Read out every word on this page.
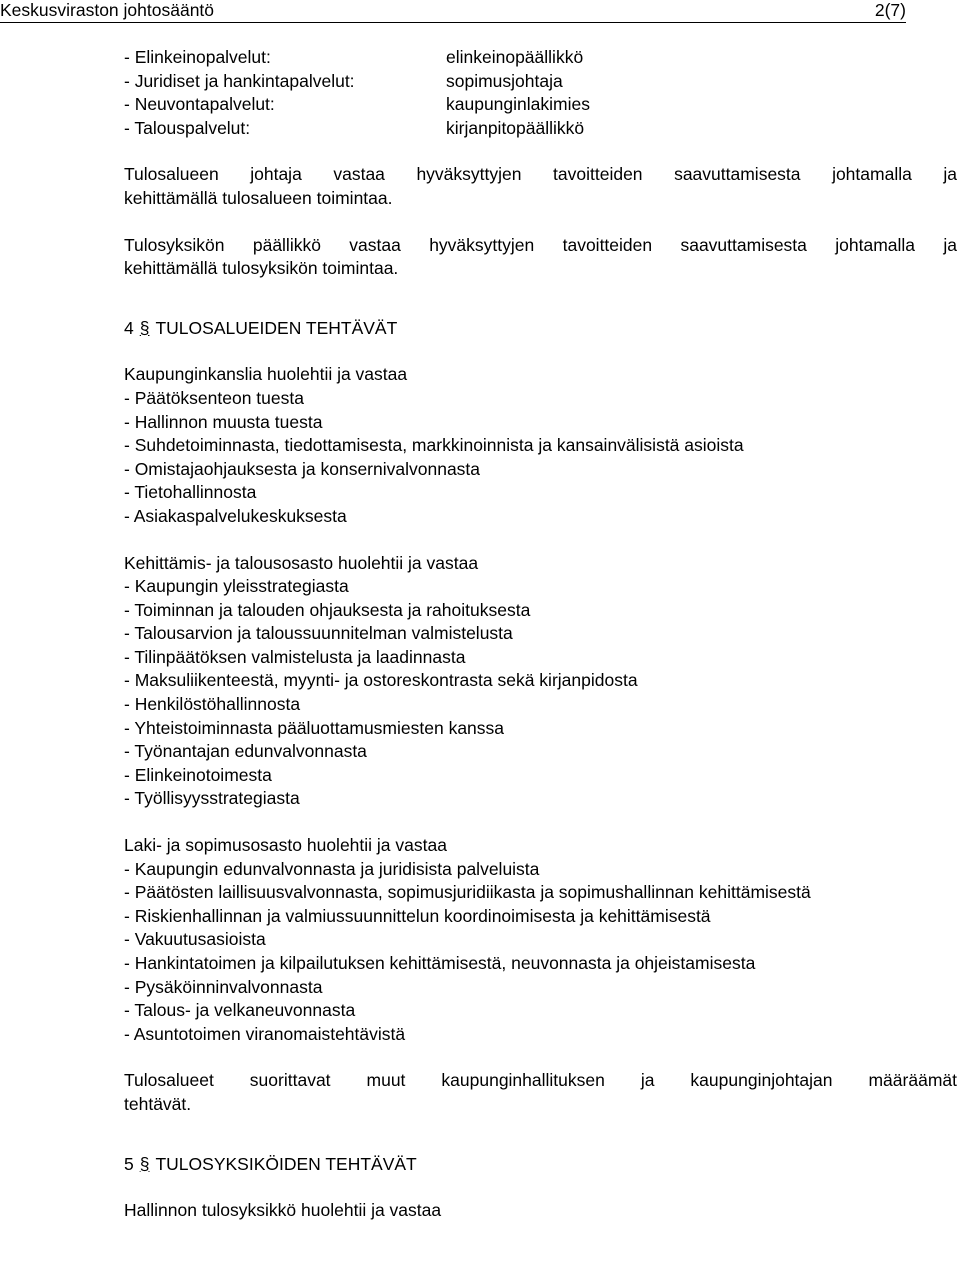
Keskusviraston johtosääntö	2(7)
- Elinkeinopalvelut:	elinkeinopäällikkö
- Juridiset ja hankintapalvelut:	sopimusjohtaja
- Neuvontapalvelut:	kaupunginlakimies
- Talouspalvelut:	kirjanpitopäällikkö
Tulosalueen johtaja vastaa hyväksyttyjen tavoitteiden saavuttamisesta johtamalla ja
kehittämällä tulosalueen toimintaa.
Tulosyksikön päällikkö vastaa hyväksyttyjen tavoitteiden saavuttamisesta johtamalla ja
kehittämällä tulosyksikön toimintaa.
4 § TULOSALUEIDEN TEHTÄVÄT
Kaupunginkanslia huolehtii ja vastaa
- Päätöksenteon tuesta
- Hallinnon muusta tuesta
- Suhdetoiminnasta, tiedottamisesta, markkinoinnista ja kansainvälisistä asioista
- Omistajaohjauksesta ja konsernivalvonnasta
- Tietohallinnosta
- Asiakaspalvelukeskuksesta
Kehittämis- ja talousosasto huolehtii ja vastaa
- Kaupungin yleisstrategiasta
- Toiminnan ja talouden ohjauksesta ja rahoituksesta
- Talousarvion ja taloussuunnitelman valmistelusta
- Tilinpäätöksen valmistelusta ja laadinnasta
- Maksuliikenteestä, myynti- ja ostoreskontrasta sekä kirjanpidosta
- Henkilöstöhallinnosta
- Yhteistoiminnasta pääluottamusmiesten kanssa
- Työnantajan edunvalvonnasta
- Elinkeinotoimesta
- Työllisyysstrategiasta
Laki- ja sopimusosasto huolehtii ja vastaa
- Kaupungin edunvalvonnasta ja juridisista palveluista
- Päätösten laillisuusvalvonnasta, sopimusjuridiikasta ja sopimushallinnan kehittämisestä
- Riskienhallinnan ja valmiussuunnittelun koordinoimisesta ja kehittämisestä
- Vakuutusasioista
- Hankintatoimen ja kilpailutuksen kehittämisestä, neuvonnasta ja ohjeistamisesta
- Pysäköinninvalvonnasta
- Talous- ja velkaneuvonnasta
- Asuntotoimen viranomaistehtävistä
Tulosalueet suorittavat muut kaupunginhallituksen ja kaupunginjohtajan määräämät
tehtävät.
5 § TULOSYKSIKÖIDEN TEHTÄVÄT
Hallinnon tulosyksikkö huolehtii ja vastaa
